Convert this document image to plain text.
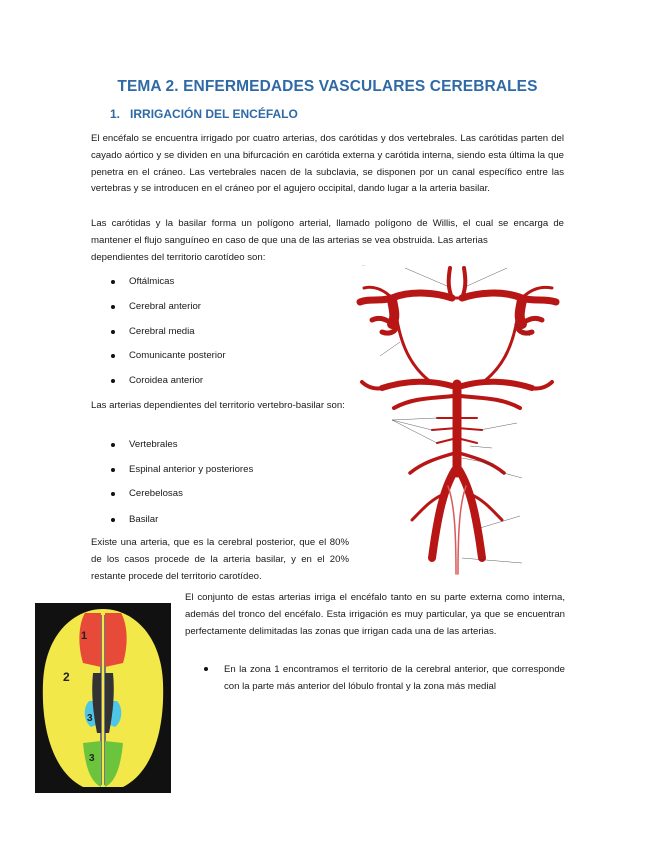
TEMA 2. ENFERMEDADES VASCULARES CEREBRALES
1. IRRIGACIÓN DEL ENCÉFALO
El encéfalo se encuentra irrigado por cuatro arterias, dos carótidas y dos vertebrales. Las carótidas parten del cayado aórtico y se dividen en una bifurcación en carótida externa y carótida interna, siendo esta última la que penetra en el cráneo. Las vertebrales nacen de la subclavia, se disponen por un canal específico entre las vertebras y se introducen en el cráneo por el agujero occipital, dando lugar a la arteria basilar.
Las carótidas y la basilar forma un polígono arterial, llamado polígono de Willis, el cual se encarga de mantener el flujo sanguíneo en caso de que una de las arterias se vea obstruida. Las arterias
dependientes del territorio carotídeo son:
Oftálmicas
Cerebral anterior
Cerebral media
Comunicante posterior
Coroidea anterior
Las arterias dependientes del territorio vertebro-basilar son:
Vertebrales
Espinal anterior y posteriores
Cerebelosas
Basilar
Existe una arteria, que es la cerebral posterior, que el 80% de los casos procede de la arteria basilar, y en el 20% restante procede del territorio carotídeo.
···
El conjunto de estas arterias irriga el encéfalo tanto en su parte externa como interna, además del tronco del encéfalo. Esta irrigación es muy particular, ya que se encuentran perfectamente delimitadas las zonas que irrigan cada una de las arterias.
En la zona 1 encontramos el territorio de la cerebral anterior, que corresponde con la parte más anterior del lóbulo frontal y la zona más medial
1
2
3
3
